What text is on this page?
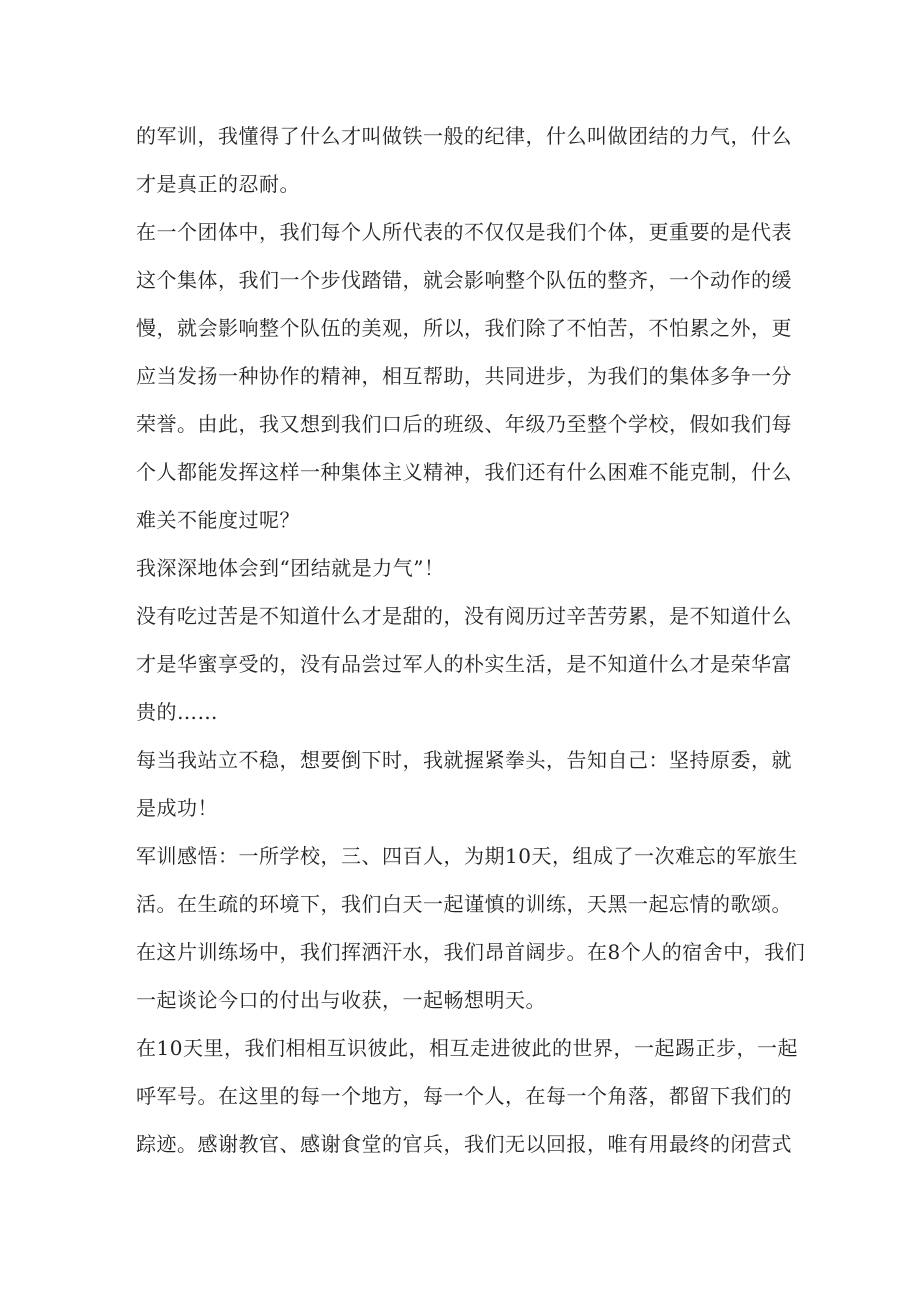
的军训，我懂得了什么才叫做铁一般的纪律，什么叫做团结的力气，什么
才是真正的忍耐。
在一个团体中，我们每个人所代表的不仅仅是我们个体，更重要的是代表
这个集体，我们一个步伐踏错，就会影响整个队伍的整齐，一个动作的缓
慢，就会影响整个队伍的美观，所以，我们除了不怕苦，不怕累之外，更
应当发扬一种协作的精神，相互帮助，共同进步，为我们的集体多争一分
荣誉。由此，我又想到我们口后的班级、年级乃至整个学校，假如我们每
个人都能发挥这样一种集体主义精神，我们还有什么困难不能克制，什么
难关不能度过呢？
我深深地体会到“团结就是力气”！
没有吃过苦是不知道什么才是甜的，没有阅历过辛苦劳累，是不知道什么
才是华蜜享受的，没有品尝过军人的朴实生活，是不知道什么才是荣华富
贵的……
每当我站立不稳，想要倒下时，我就握紧拳头，告知自己：坚持原委，就
是成功！
军训感悟：一所学校，三、四百人，为期10天，组成了一次难忘的军旅生
活。在生疏的环境下，我们白天一起谨慎的训练，天黑一起忘情的歌颂。
在这片训练场中，我们挥洒汗水，我们昂首阔步。在8个人的宿舍中，我们
一起谈论今口的付出与收获，一起畅想明天。
在10天里，我们相相互识彼此，相互走进彼此的世界，一起踢正步，一起
呼军号。在这里的每一个地方，每一个人，在每一个角落，都留下我们的
踪迹。感谢教官、感谢食堂的官兵，我们无以回报，唯有用最终的闭营式
